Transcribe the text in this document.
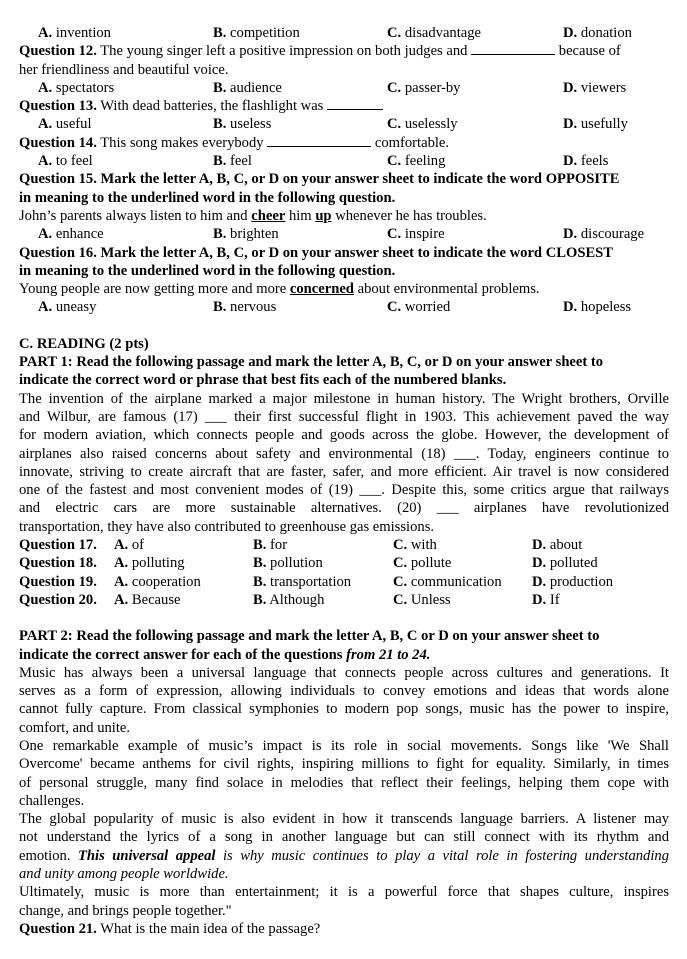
A. invention	B. competition	C. disadvantage	D. donation
Question 12. The young singer left a positive impression on both judges and	because of
her friendliness and beautiful voice.
A. spectators	B. audience	C. passer-by	D. viewers
Question 13. With dead batteries, the flashlight was
A. useful	B. useless	C. uselessly	D. usefully
Question 14. This song makes everybody	comfortable.
A. to feel	B. feel	C. feeling	D. feels
Question 15. Mark the letter A, B, C, or D on your answer sheet to indicate the word OPPOSITE
in meaning to the underlined word in the following question.
John’s parents always listen to him and cheer him up whenever he has troubles.
A. enhance	B. brighten	C. inspire	D. discourage
Question 16. Mark the letter A, B, C, or D on your answer sheet to indicate the word CLOSEST
in meaning to the underlined word in the following question.
Young people are now getting more and more concerned about environmental problems.
A. uneasy	B. nervous	C. worried	D. hopeless
C. READING (2 pts)
PART 1: Read the following passage and mark the letter A, B, C, or D on your answer sheet to
indicate the correct word or phrase that best fits each of the numbered blanks.
The invention of the airplane marked a major milestone in human history. The Wright brothers, Orville
and Wilbur, are famous (17) ___ their first successful flight in 1903. This achievement paved the way
for modern aviation, which connects people and goods across the globe. However, the development of
airplanes also raised concerns about safety and environmental (18) ___. Today, engineers continue to
innovate, striving to create aircraft that are faster, safer, and more efficient. Air travel is now considered
one of the fastest and most convenient modes of (19) ___. Despite this, some critics argue that railways
and electric cars are more sustainable alternatives. (20) ___ airplanes have revolutionized
transportation, they have also contributed to greenhouse gas emissions.
Question 17. A. of	B. for	C. with	D. about
Question 18. A. polluting	B. pollution	C. pollute	D. polluted
Question 19. A. cooperation	B. transportation	C. communication D. production
Question 20. A. Because	B. Although	C. Unless	D. If
PART 2: Read the following passage and mark the letter A, B, C or D on your answer sheet to
indicate the correct answer for each of the questions from 21 to 24.
Music has always been a universal language that connects people across cultures and generations. It
serves as a form of expression, allowing individuals to convey emotions and ideas that words alone
cannot fully capture. From classical symphonies to modern pop songs, music has the power to inspire,
comfort, and unite.
One remarkable example of music’s impact is its role in social movements. Songs like 'We Shall
Overcome' became anthems for civil rights, inspiring millions to fight for equality. Similarly, in times
of personal struggle, many find solace in melodies that reflect their feelings, helping them cope with
challenges.
The global popularity of music is also evident in how it transcends language barriers. A listener may
not understand the lyrics of a song in another language but can still connect with its rhythm and
emotion. This universal appeal is why music continues to play a vital role in fostering understanding
and unity among people worldwide.
Ultimately, music is more than entertainment; it is a powerful force that shapes culture, inspires
change, and brings people together."
Question 21. What is the main idea of the passage?
